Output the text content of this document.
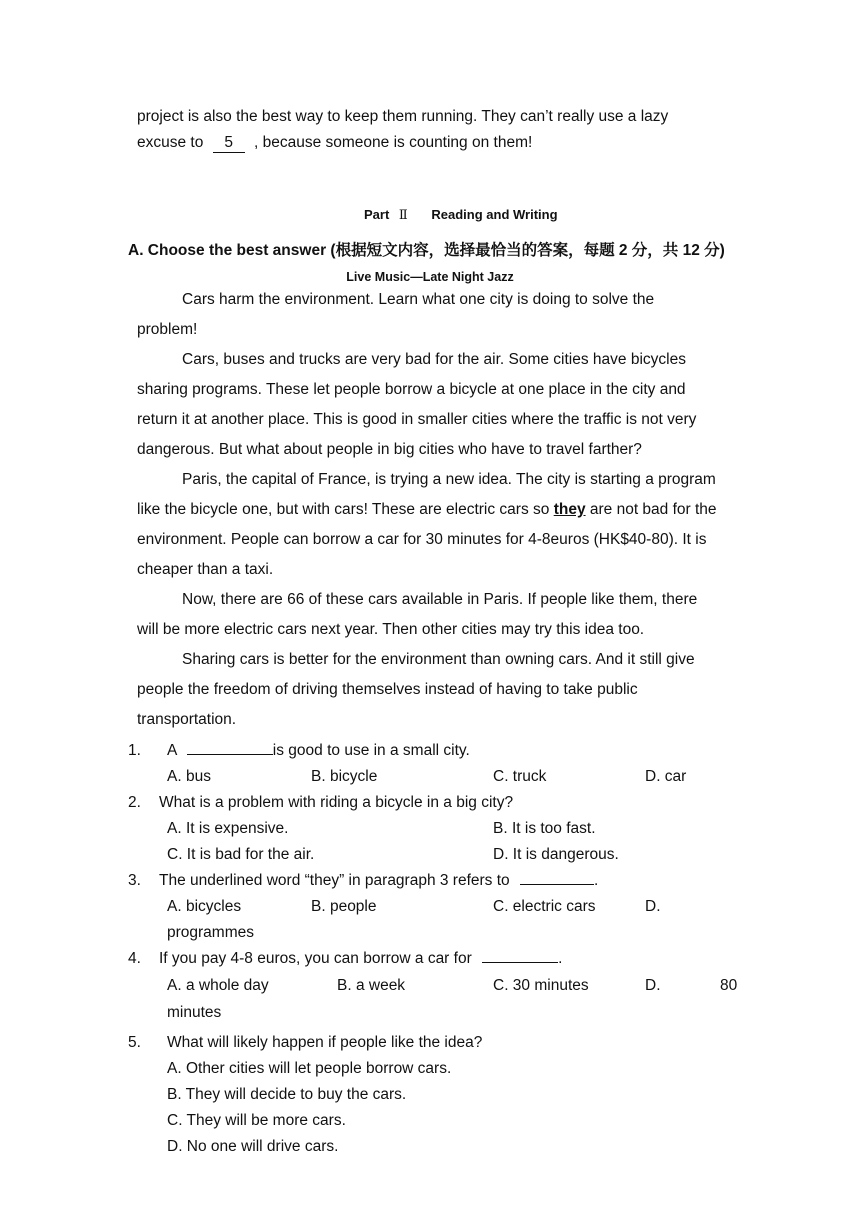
project is also the best way to keep them running. They can’t really use a lazy
excuse to 5 , because someone is counting on them!
Part Ⅱ Reading and Writing
A. Choose the best answer (根据短文内容，选择最恰当的答案，每题 2 分，共 12 分)
Live Music—Late Night Jazz
Cars harm the environment. Learn what one city is doing to solve the
problem!
Cars, buses and trucks are very bad for the air. Some cities have bicycles
sharing programs. These let people borrow a bicycle at one place in the city and
return it at another place. This is good in smaller cities where the traffic is not very
dangerous. But what about people in big cities who have to travel farther?
Paris, the capital of France, is trying a new idea. The city is starting a program
like the bicycle one, but with cars! These are electric cars so they are not bad for the
environment. People can borrow a car for 30 minutes for 4-8euros (HK$40-80). It is
cheaper than a taxi.
Now, there are 66 of these cars available in Paris. If people like them, there
will be more electric cars next year. Then other cities may try this idea too.
Sharing cars is better for the environment than owning cars. And it still give
people the freedom of driving themselves instead of having to take public
transportation.
1. A	is good to use in a small city.
A. bus	B. bicycle	C. truck	D. car
2. What is a problem with riding a bicycle in a big city?
A. It is expensive.	B. It is too fast.
C. It is bad for the air.	D. It is dangerous.
3. The underlined word “they” in paragraph 3 refers to	.
A. bicycles	B. people	C. electric cars	D.
programmes
4. If you pay 4-8 euros, you can borrow a car for	.
A. a whole day	B. a week	C. 30 minutes	D.	80
minutes
5. What will likely happen if people like the idea?
A. Other cities will let people borrow cars.
B. They will decide to buy the cars.
C. They will be more cars.
D. No one will drive cars.
